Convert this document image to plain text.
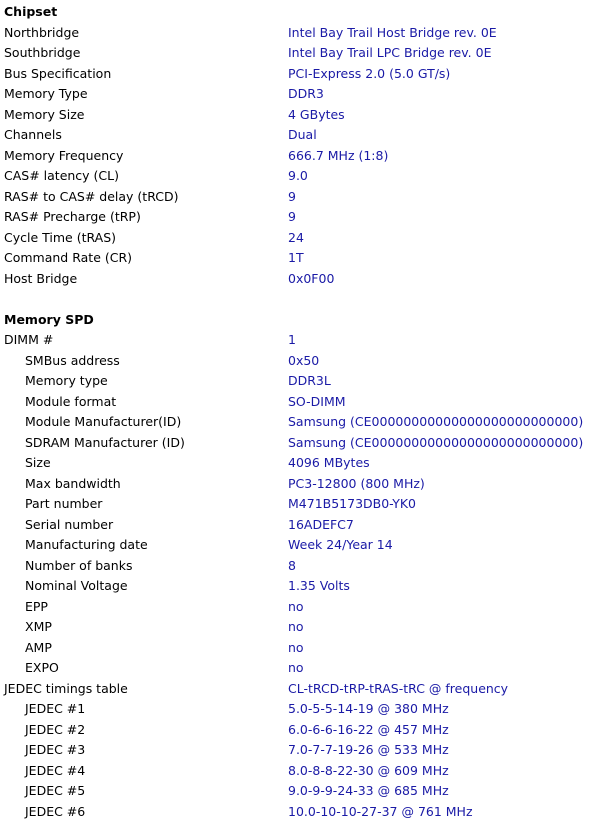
Chipset
Northbridge	Intel Bay Trail Host Bridge rev. 0E
Southbridge	Intel Bay Trail LPC Bridge rev. 0E
Bus Specification	PCI-Express 2.0 (5.0 GT/s)
Memory Type	DDR3
Memory Size	4 GBytes
Channels	Dual
Memory Frequency	666.7 MHz (1:8)
CAS# latency (CL)	9.0
RAS# to CAS# delay (tRCD)	9
RAS# Precharge (tRP)	9
Cycle Time (tRAS)	24
Command Rate (CR)	1T
Host Bridge	0x0F00
Memory SPD
DIMM #	1
SMBus address	0x50
Memory type	DDR3L
Module format	SO-DIMM
Module Manufacturer(ID)	Samsung (CE00000000000000000000000000)
SDRAM Manufacturer (ID)	Samsung (CE00000000000000000000000000)
Size	4096 MBytes
Max bandwidth	PC3-12800 (800 MHz)
Part number	M471B5173DB0-YK0
Serial number	16ADEFC7
Manufacturing date	Week 24/Year 14
Number of banks	8
Nominal Voltage	1.35 Volts
EPP	no
XMP	no
AMP	no
EXPO	no
JEDEC timings table	CL-tRCD-tRP-tRAS-tRC @ frequency
JEDEC #1	5.0-5-5-14-19 @ 380 MHz
JEDEC #2	6.0-6-6-16-22 @ 457 MHz
JEDEC #3	7.0-7-7-19-26 @ 533 MHz
JEDEC #4	8.0-8-8-22-30 @ 609 MHz
JEDEC #5	9.0-9-9-24-33 @ 685 MHz
JEDEC #6	10.0-10-10-27-37 @ 761 MHz
